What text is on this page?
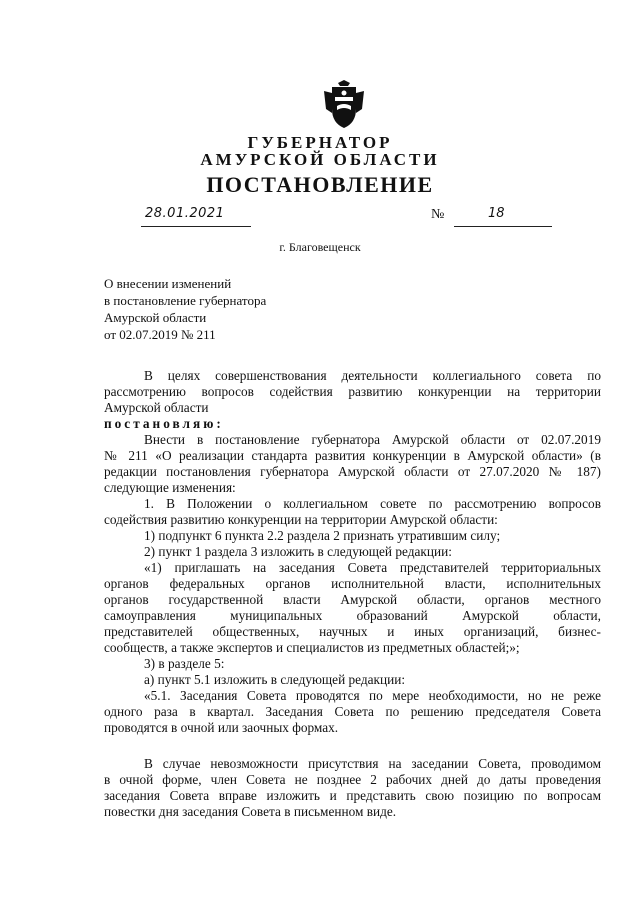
ГУБЕРНАТОР
АМУРСКОЙ ОБЛАСТИ
ПОСТАНОВЛЕНИЕ
28.01.2021	№	18
г. Благовещенск
О внесении изменений
в постановление губернатора
Амурской области
от 02.07.2019 № 211
В целях совершенствования деятельности коллегиального совета по
рассмотрению вопросов содействия развитию конкуренции на территории
Амурской области
постановляю:
Внести в постановление губернатора Амурской области от 02.07.2019
№ 211 «О реализации стандарта развития конкуренции в Амурской области» (в
редакции постановления губернатора Амурской области от 27.07.2020 № 187)
следующие изменения:
1. В Положении о коллегиальном совете по рассмотрению вопросов
содействия развитию конкуренции на территории Амурской области:
1) подпункт 6 пункта 2.2 раздела 2 признать утратившим силу;
2) пункт 1 раздела 3 изложить в следующей редакции:
«1) приглашать на заседания Совета представителей территориальных
органов федеральных органов исполнительной власти, исполнительных
органов государственной власти Амурской области, органов местного
самоуправления муниципальных образований Амурской области,
представителей общественных, научных и иных организаций, бизнес-
сообществ, а также экспертов и специалистов из предметных областей;»;
3) в разделе 5:
а) пункт 5.1 изложить в следующей редакции:
«5.1. Заседания Совета проводятся по мере необходимости, но не реже
одного раза в квартал. Заседания Совета по решению председателя Совета
проводятся в очной или заочных формах.
В случае невозможности присутствия на заседании Совета, проводимом
в очной форме, член Совета не позднее 2 рабочих дней до даты проведения
заседания Совета вправе изложить и представить свою позицию по вопросам
повестки дня заседания Совета в письменном виде.
